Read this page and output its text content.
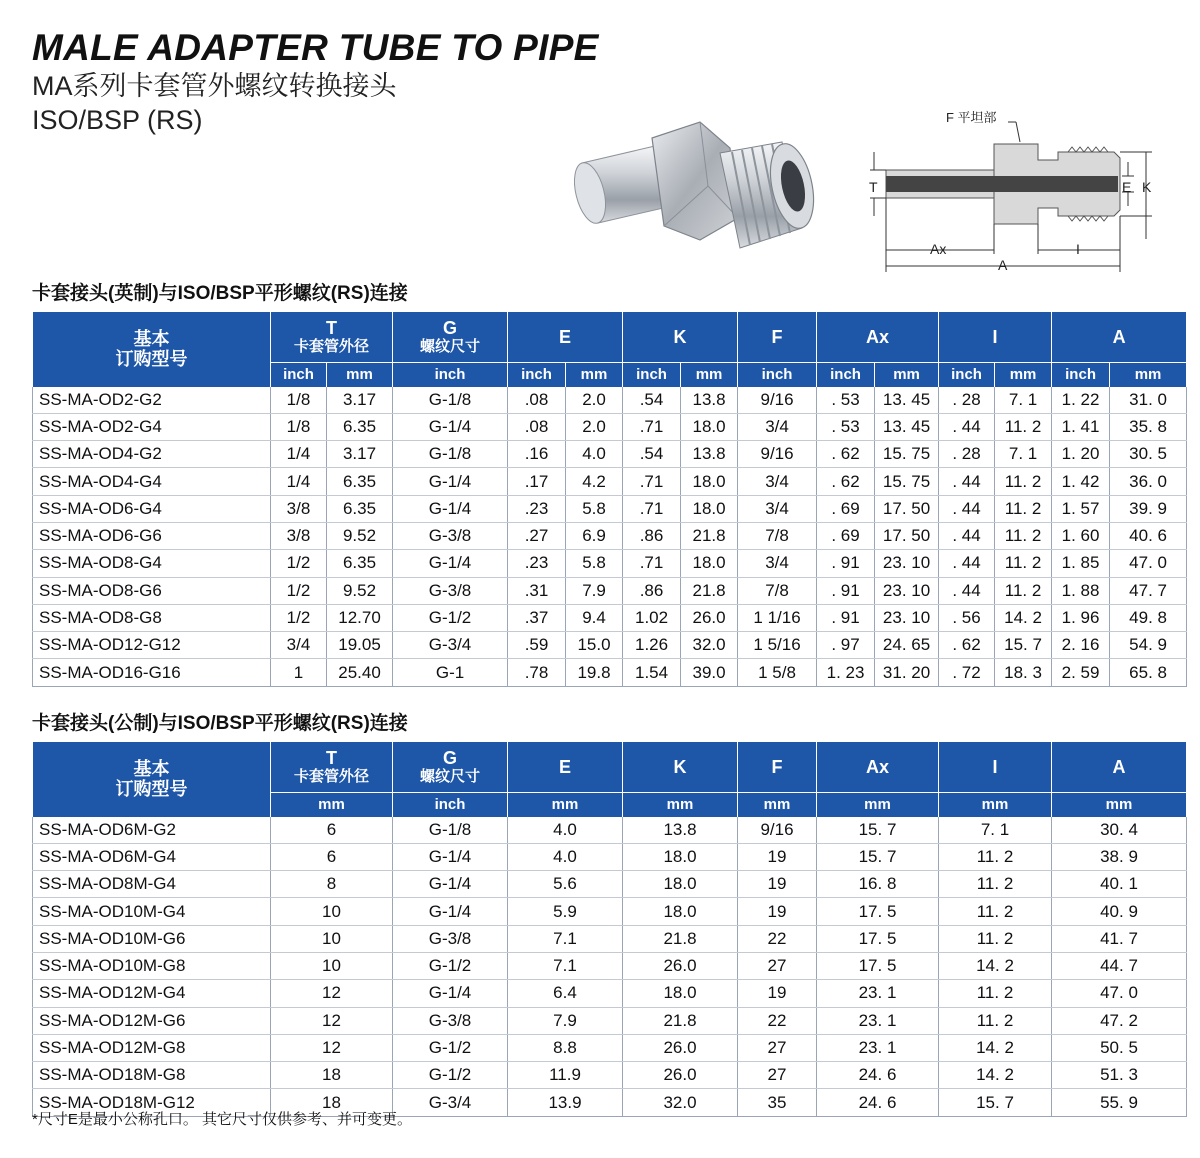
MALE ADAPTER TUBE TO PIPE
MA系列卡套管外螺纹转换接头
ISO/BSP (RS)	F 平坦部
T	E K
Ax	I
A
卡套接头(英制)与ISO/BSP平形螺纹(RS)连接
基本
订购型号	T
卡套管外径		G
螺纹尺寸	E		K		F	Ax		I		A	
	inch	mm	inch	inch	mm	inch	mm	inch	inch	mm	inch	mm	inch	mm
SS-MA-OD2-G2	1/8	3.17	G-1/8	.08	2.0	.54	13.8	9/16	. 53	13. 45	. 28	7. 1	1. 22	31. 0
SS-MA-OD2-G4	1/8	6.35	G-1/4	.08	2.0	.71	18.0	3/4	. 53	13. 45	. 44	11. 2	1. 41	35. 8
SS-MA-OD4-G2	1/4	3.17	G-1/8	.16	4.0	.54	13.8	9/16	. 62	15. 75	. 28	7. 1	1. 20	30. 5
SS-MA-OD4-G4	1/4	6.35	G-1/4	.17	4.2	.71	18.0	3/4	. 62	15. 75	. 44	11. 2	1. 42	36. 0
SS-MA-OD6-G4	3/8	6.35	G-1/4	.23	5.8	.71	18.0	3/4	. 69	17. 50	. 44	11. 2	1. 57	39. 9
SS-MA-OD6-G6	3/8	9.52	G-3/8	.27	6.9	.86	21.8	7/8	. 69	17. 50	. 44	11. 2	1. 60	40. 6
SS-MA-OD8-G4	1/2	6.35	G-1/4	.23	5.8	.71	18.0	3/4	. 91	23. 10	. 44	11. 2	1. 85	47. 0
SS-MA-OD8-G6	1/2	9.52	G-3/8	.31	7.9	.86	21.8	7/8	. 91	23. 10	. 44	11. 2	1. 88	47. 7
SS-MA-OD8-G8	1/2	12.70	G-1/2	.37	9.4	1.02	26.0	1 1/16	. 91	23. 10	. 56	14. 2	1. 96	49. 8
SS-MA-OD12-G12	3/4	19.05	G-3/4	.59	15.0	1.26	32.0	1 5/16	. 97	24. 65	. 62	15. 7	2. 16	54. 9
SS-MA-OD16-G16	1	25.40	G-1	.78	19.8	1.54	39.0	1 5/8	1. 23	31. 20	. 72	18. 3	2. 59	65. 8
卡套接头(公制)与ISO/BSP平形螺纹(RS)连接
基本
订购型号	T
卡套管外径	G
螺纹尺寸	E	K	F	Ax	I	A
	mm	inch	mm	mm	mm	mm	mm	mm
SS-MA-OD6M-G2	6	G-1/8	4.0	13.8	9/16	15. 7	7. 1	30. 4
SS-MA-OD6M-G4	6	G-1/4	4.0	18.0	19	15. 7	11. 2	38. 9
SS-MA-OD8M-G4	8	G-1/4	5.6	18.0	19	16. 8	11. 2	40. 1
SS-MA-OD10M-G4	10	G-1/4	5.9	18.0	19	17. 5	11. 2	40. 9
SS-MA-OD10M-G6	10	G-3/8	7.1	21.8	22	17. 5	11. 2	41. 7
SS-MA-OD10M-G8	10	G-1/2	7.1	26.0	27	17. 5	14. 2	44. 7
SS-MA-OD12M-G4	12	G-1/4	6.4	18.0	19	23. 1	11. 2	47. 0
SS-MA-OD12M-G6	12	G-3/8	7.9	21.8	22	23. 1	11. 2	47. 2
SS-MA-OD12M-G8	12	G-1/2	8.8	26.0	27	23. 1	14. 2	50. 5
SS-MA-OD18M-G8	18	G-1/2	11.9	26.0	27	24. 6	14. 2	51. 3
SS-MA-OD18M-G12	18	G-3/4	13.9	32.0	35	24. 6	15. 7	55. 9
*尺寸E是最小公称孔口。 其它尺寸仅供参考、并可变更。
